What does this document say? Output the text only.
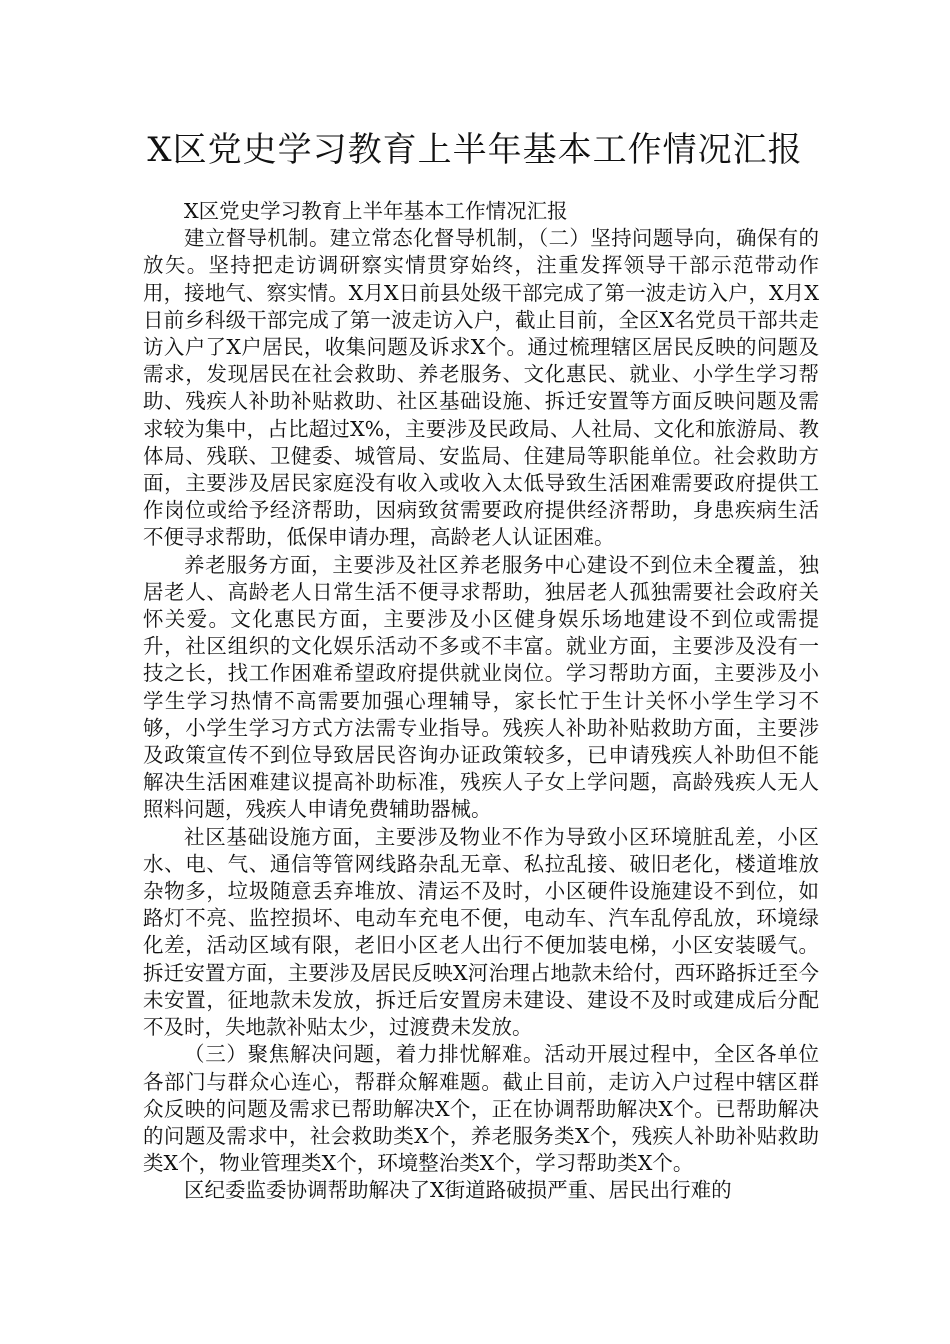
X区党史学习教育上半年基本工作情况汇报

X区党史学习教育上半年基本工作情况汇报

建立督导机制。建立常态化督导机制，（二）坚持问题导向，确保有的放矢。坚持把走访调研察实情贯穿始终，注重发挥领导干部示范带动作用，接地气、察实情。X月X日前县处级干部完成了第一波走访入户，X月X日前乡科级干部完成了第一波走访入户，截止目前，全区X名党员干部共走访入户了X户居民，收集问题及诉求X个。通过梳理辖区居民反映的问题及需求，发现居民在社会救助、养老服务、文化惠民、就业、小学生学习帮助、残疾人补助补贴救助、社区基础设施、拆迁安置等方面反映问题及需求较为集中，占比超过X%，主要涉及民政局、人社局、文化和旅游局、教体局、残联、卫健委、城管局、安监局、住建局等职能单位。社会救助方面，主要涉及居民家庭没有收入或收入太低导致生活困难需要政府提供工作岗位或给予经济帮助，因病致贫需要政府提供经济帮助，身患疾病生活不便寻求帮助，低保申请办理，高龄老人认证困难。

养老服务方面，主要涉及社区养老服务中心建设不到位未全覆盖，独居老人、高龄老人日常生活不便寻求帮助，独居老人孤独需要社会政府关怀关爱。文化惠民方面，主要涉及小区健身娱乐场地建设不到位或需提升，社区组织的文化娱乐活动不多或不丰富。就业方面，主要涉及没有一技之长，找工作困难希望政府提供就业岗位。学习帮助方面，主要涉及小学生学习热情不高需要加强心理辅导，家长忙于生计关怀小学生学习不够，小学生学习方式方法需专业指导。残疾人补助补贴救助方面，主要涉及政策宣传不到位导致居民咨询办证政策较多，已申请残疾人补助但不能解决生活困难建议提高补助标准，残疾人子女上学问题，高龄残疾人无人照料问题，残疾人申请免费辅助器械。

社区基础设施方面，主要涉及物业不作为导致小区环境脏乱差，小区水、电、气、通信等管网线路杂乱无章、私拉乱接、破旧老化，楼道堆放杂物多，垃圾随意丢弃堆放、清运不及时，小区硬件设施建设不到位，如路灯不亮、监控损坏、电动车充电不便，电动车、汽车乱停乱放，环境绿化差，活动区域有限，老旧小区老人出行不便加装电梯，小区安装暖气。拆迁安置方面，主要涉及居民反映X河治理占地款未给付，西环路拆迁至今未安置，征地款未发放，拆迁后安置房未建设、建设不及时或建成后分配不及时，失地款补贴太少，过渡费未发放。

（三）聚焦解决问题，着力排忧解难。活动开展过程中，全区各单位各部门与群众心连心，帮群众解难题。截止目前，走访入户过程中辖区群众反映的问题及需求已帮助解决X个，正在协调帮助解决X个。已帮助解决的问题及需求中，社会救助类X个，养老服务类X个，残疾人补助补贴救助类X个，物业管理类X个，环境整治类X个，学习帮助类X个。

区纪委监委协调帮助解决了X街道路破损严重、居民出行难的
